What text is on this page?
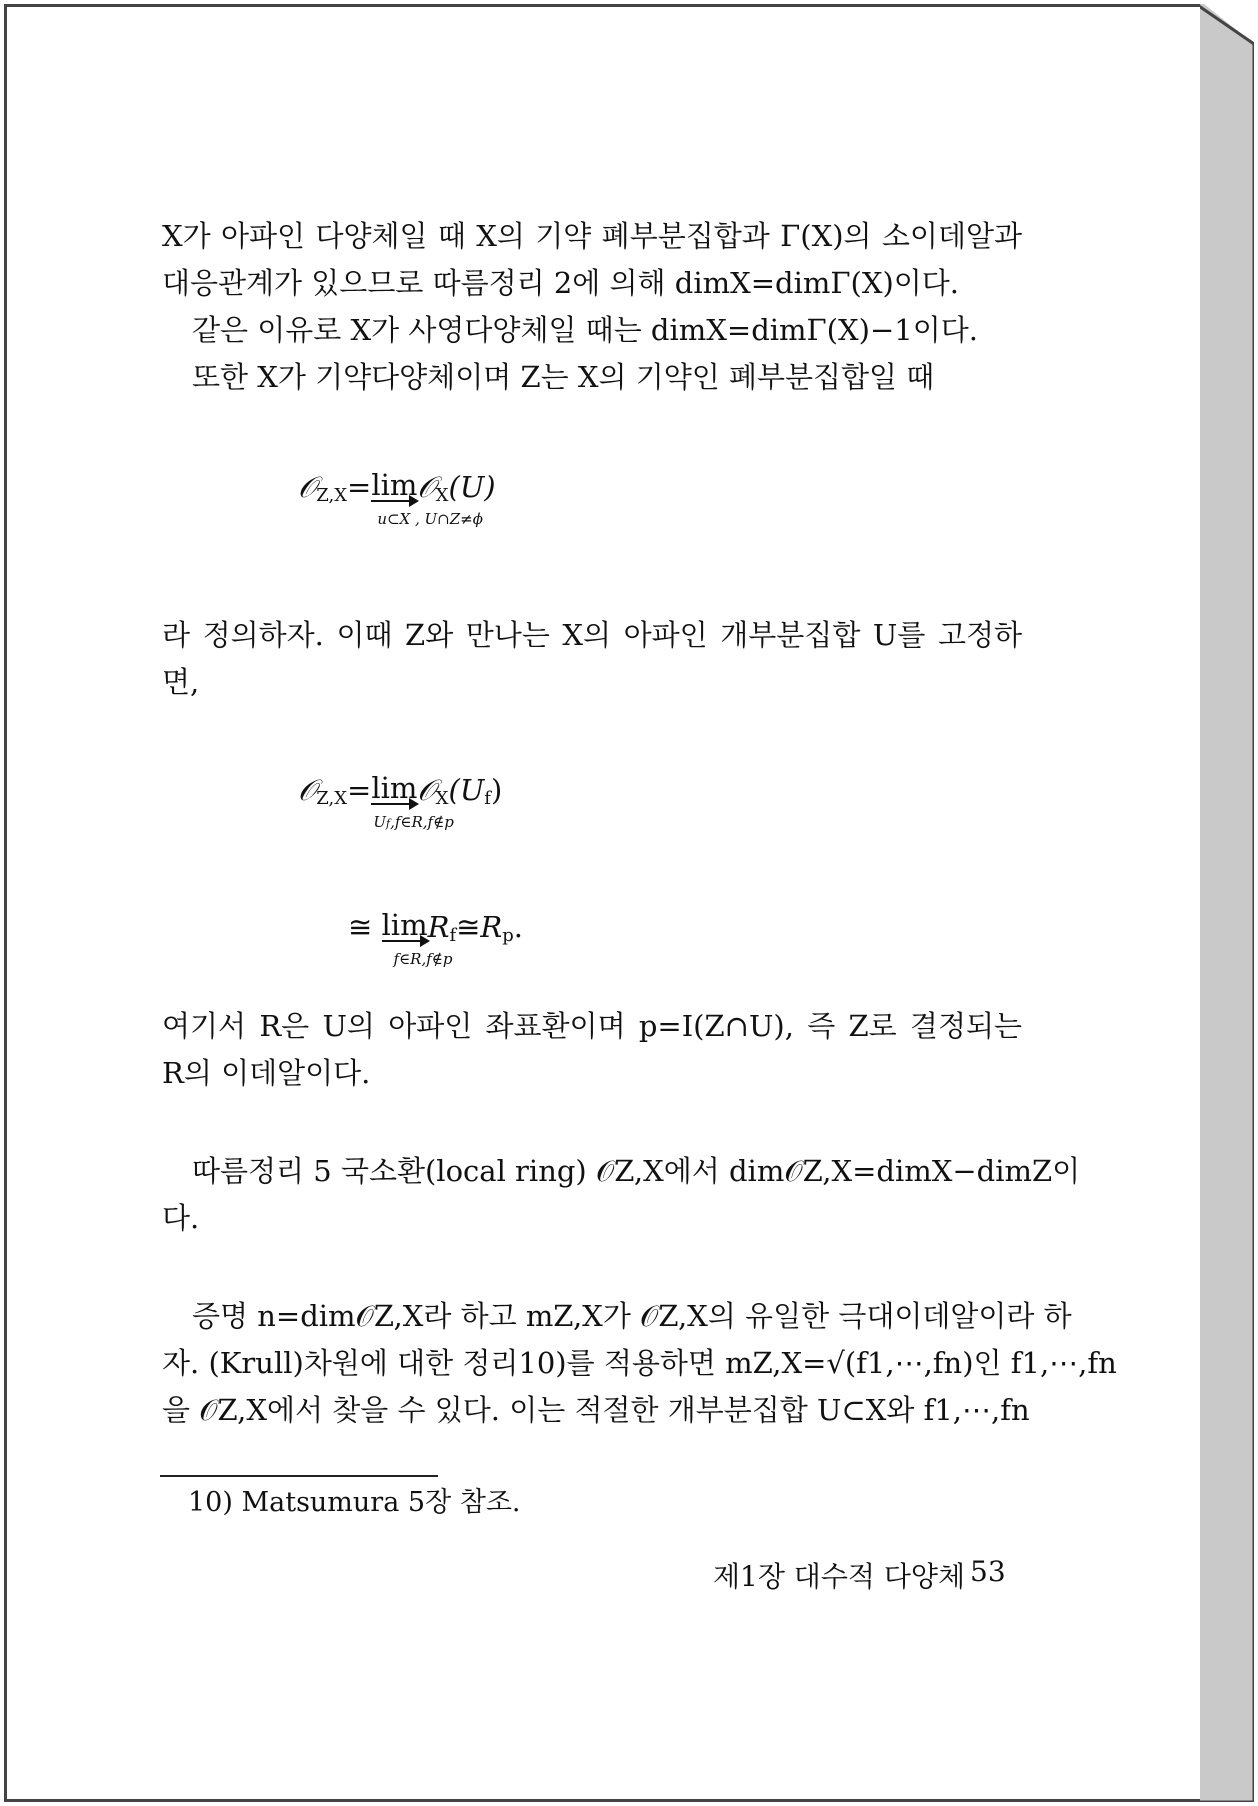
X가 아파인 다양체일 때 X의 기약 폐부분집합과 Γ(X)의 소이데알과
대응관계가 있으므로 따름정리 2에 의해 dimX=dimΓ(X)이다.
같은 이유로 X가 사영다양체일 때는 dimX=dimΓ(X)−1이다.
또한 X가 기약다양체이며 Z는 X의 기약인 폐부분집합일 때
𝒪$_{Z,X}$= lim
u⊂X , U∩Z≠ϕ
𝒪$_X$(U)
라 정의하자. 이때 Z와 만나는 X의 아파인 개부분집합 U를 고정하
면,
𝒪$_{Z,X}$= lim
Uf,f∈R,f∉p
$𝒪_X(U_f)$
≅ lim
f∈R,f∉p
$R_f≅R_p$.
여기서 R은 U의 아파인 좌표환이며 p=I(Z∩U), 즉 Z로 결정되는
R의 이데알이다.
따름정리 5 국소환(local ring) 𝒪Z,X에서 dim𝒪Z,X=dimX−dimZ이
다.
증명 n=dim𝒪Z,X라 하고 mZ,X가 𝒪Z,X의 유일한 극대이데알이라 하
자. (Krull)차원에 대한 정리10)를 적용하면 mZ,X=√(f1,⋯,fn)인 f1,⋯,fn
을 𝒪Z,X에서 찾을 수 있다. 이는 적절한 개부분집합 U⊂X와 f1,⋯,fn
10) Matsumura 5장 참조.
제1장 대수적 다양체 53
